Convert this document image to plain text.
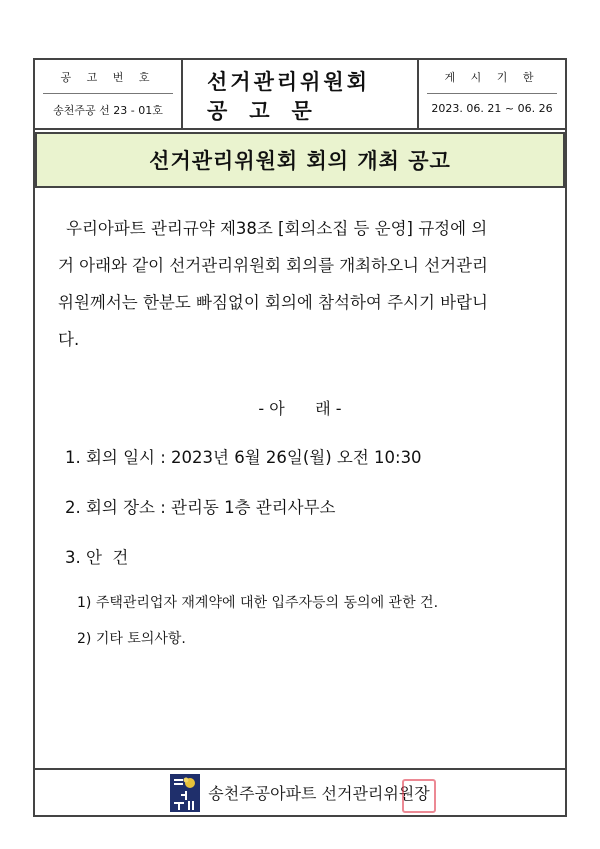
공 고 번 호
송천주공 선 23 - 01호
선거관리위원회
공   고   문
게 시 기 한
2023. 06. 21 ~ 06. 26
선거관리위원회 회의 개최 공고
우리아파트 관리규약 제38조 [회의소집 등 운영] 규정에 의
거 아래와 같이 선거관리위원회 회의를 개최하오니 선거관리
위원께서는 한분도 빠짐없이 회의에 참석하여 주시기 바랍니
다.
- 아      래 -
1. 회의 일시 : 2023년 6월 26일(월) 오전 10:30
2. 회의 장소 : 관리동 1층 관리사무소
3. 안  건
1) 주택관리업자 재계약에 대한 입주자등의 동의에 관한 건.
2) 기타 토의사항.
송천주공아파트 선거관리위원장
